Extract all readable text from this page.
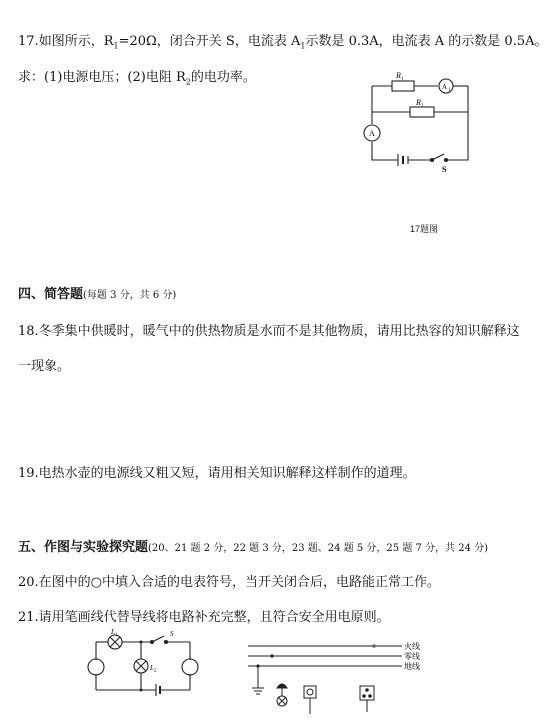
17.如图所示，$R_1=20\Omega$，闭合开关 S，电流表 $A_1$示数是 0.3A，电流表 A 的示数是 0.5A。
求：(1)电源电压；(2)电阻 $R_2$的电功率。	R 1
R 2
A 1
A
S
17题图
四、简答题(每题 3 分，共 6 分)
18.冬季集中供暖时，暖气中的供热物质是水而不是其他物质，请用比热容的知识解释这
一现象。
19.电热水壶的电源线又粗又短，请用相关知识解释这样制作的道理。
五、作图与实验探究题(20、21 题 2 分，22 题 3 分，23 题、24 题 5 分，25 题 7 分，共 24 分)
20.在图中的○中填入合适的电表符号，当开关闭合后，电路能正常工作。
21.请用笔画线代替导线将电路补充完整，且符合安全用电原则。
L 1
L 2
S
火线
零线
地线
